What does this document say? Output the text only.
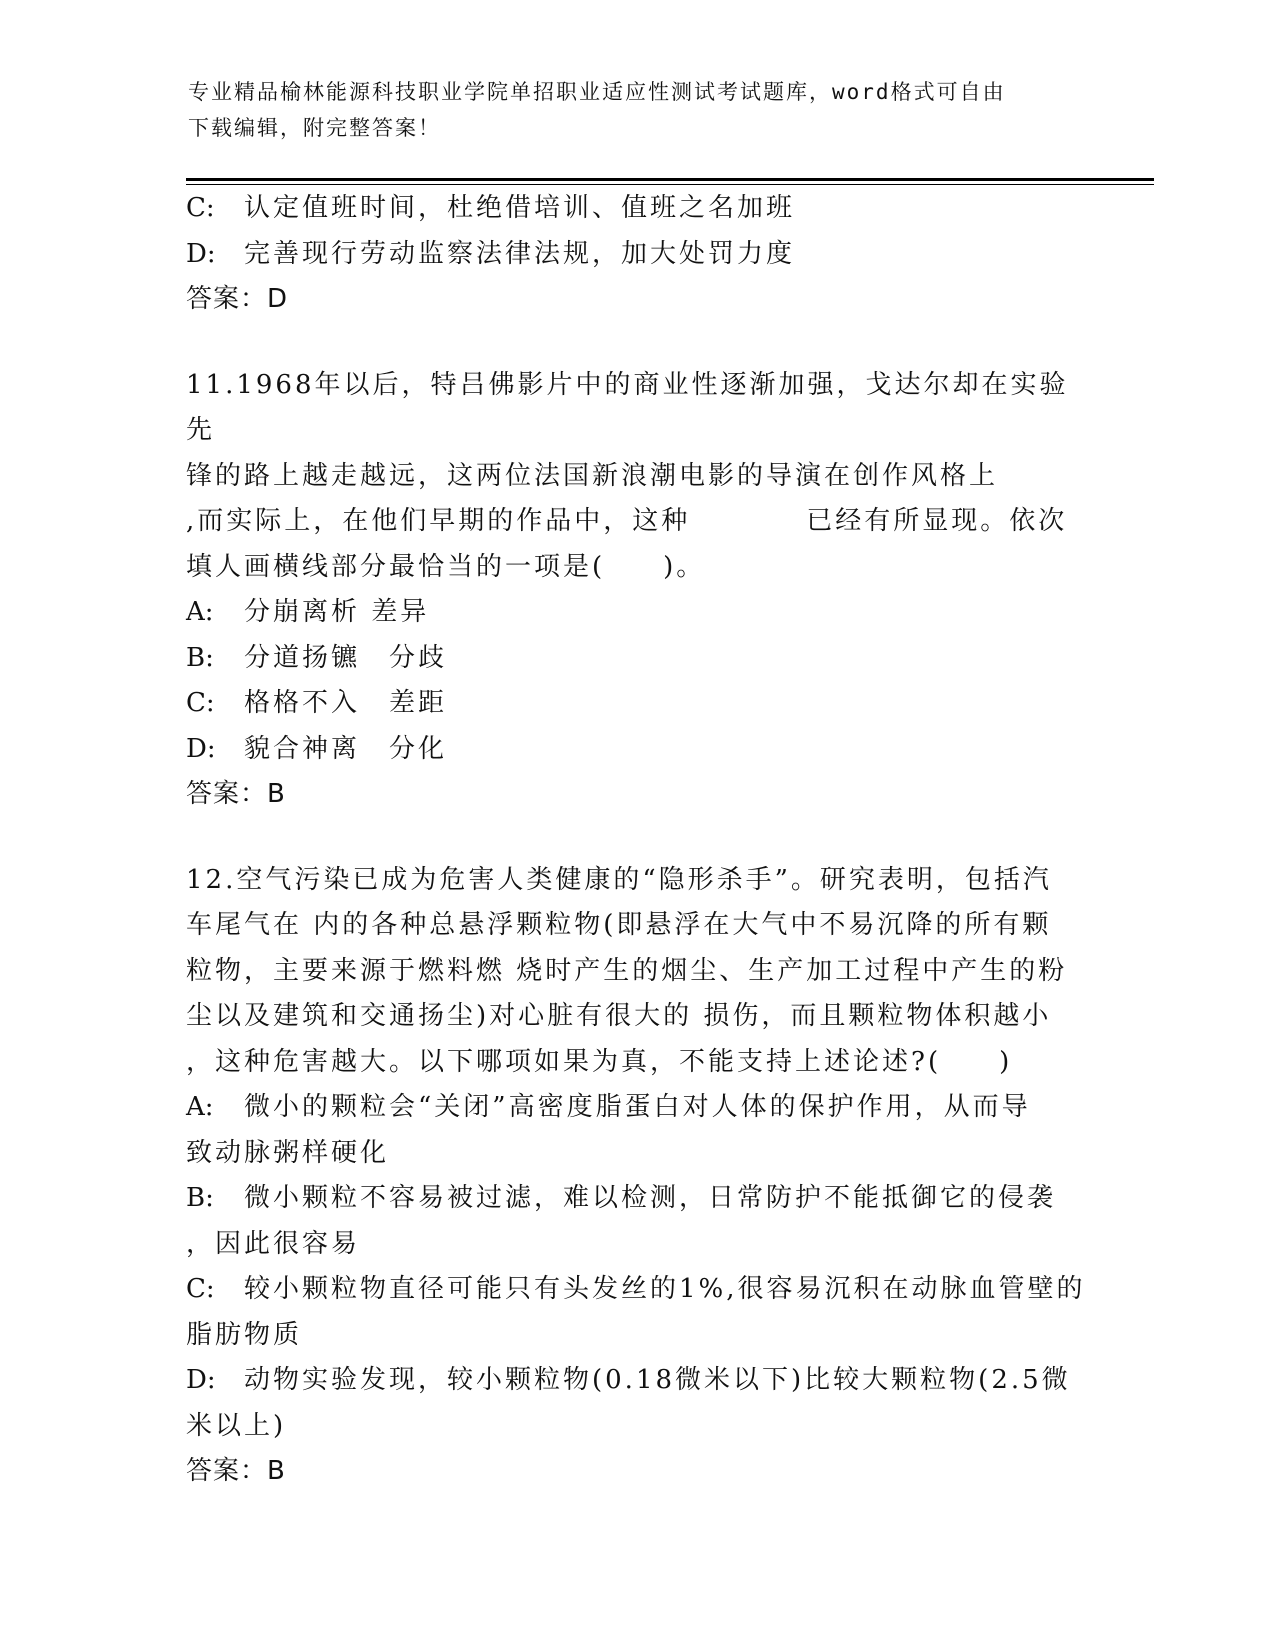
专业精品榆林能源科技职业学院单招职业适应性测试考试题库，word格式可自由
下载编辑，附完整答案！
C: 认定值班时间，杜绝借培训、值班之名加班
D: 完善现行劳动监察法律法规，加大处罚力度
答案：D
11.1968年以后，特吕佛影片中的商业性逐渐加强，戈达尔却在实验先
锋的路上越走越远，这两位法国新浪潮电影的导演在创作风格上
,而实际上，在他们早期的作品中，这种　　　　已经有所显现。依次
填人画横线部分最恰当的一项是(　　)。
A: 分崩离析 差异
B: 分道扬镳　分歧
C: 格格不入　差距
D: 貌合神离　分化
答案：B
12.空气污染已成为危害人类健康的“隐形杀手”。研究表明，包括汽
车尾气在 内的各种总悬浮颗粒物(即悬浮在大气中不易沉降的所有颗
粒物，主要来源于燃料燃 烧时产生的烟尘、生产加工过程中产生的粉
尘以及建筑和交通扬尘)对心脏有很大的 损伤，而且颗粒物体积越小
，这种危害越大。以下哪项如果为真，不能支持上述论述?(　　)
A: 微小的颗粒会“关闭”高密度脂蛋白对人体的保护作用，从而导
致动脉粥样硬化
B: 微小颗粒不容易被过滤，难以检测，日常防护不能抵御它的侵袭
，因此很容易
C: 较小颗粒物直径可能只有头发丝的1%,很容易沉积在动脉血管壁的
脂肪物质
D: 动物实验发现，较小颗粒物(0.18微米以下)比较大颗粒物(2.5微
米以上)
答案：B
